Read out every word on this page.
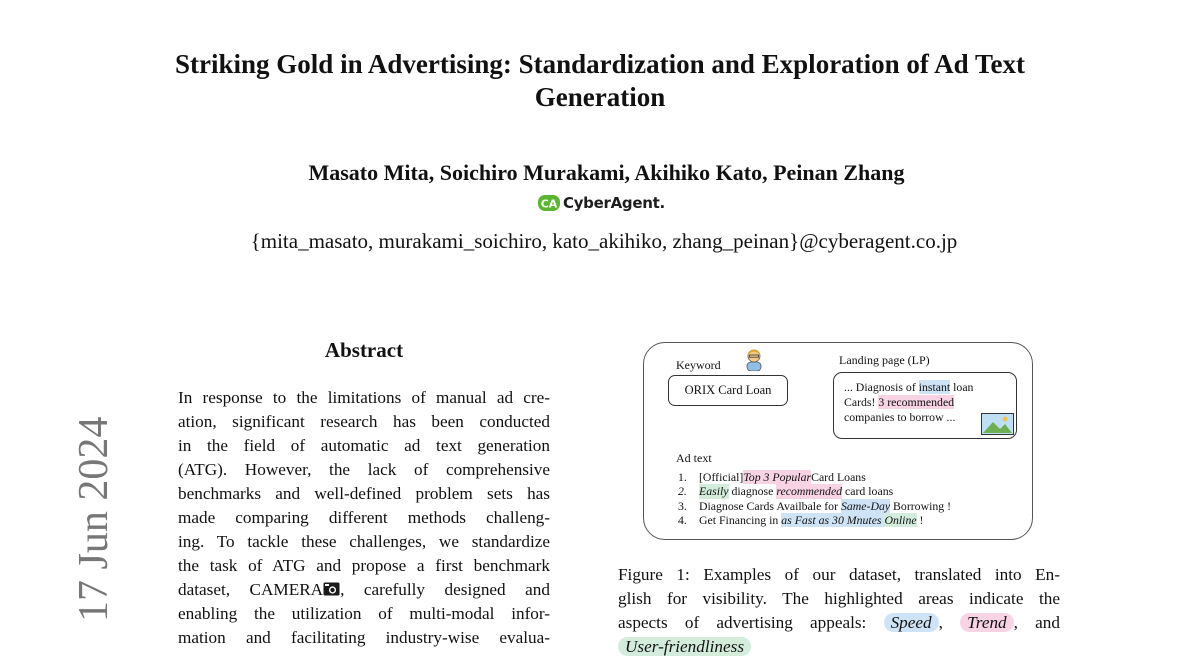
Striking Gold in Advertising: Standardization and Exploration of Ad Text
Generation
Masato Mita, Soichiro Murakami, Akihiko Kato, Peinan Zhang
CA CyberAgent.
{mita_masato, murakami_soichiro, kato_akihiko, zhang_peinan}@cyberagent.co.jp
17 Jun 2024
Abstract
In response to the limitations of manual ad cre-
ation, significant research has been conducted
in the field of automatic ad text generation
(ATG). However, the lack of comprehensive
benchmarks and well-defined problem sets has
made comparing different methods challeng-
ing. To tackle these challenges, we standardize
the task of ATG and propose a first benchmark
dataset, CAMERA , carefully designed and
enabling the utilization of multi-modal infor-
mation and facilitating industry-wise evalua-
Keyword
ORIX Card Loan
Landing page (LP)
... Diagnosis of instant loan
Cards! 3 recommended
companies to borrow ...
Ad text
1.	[Official] Top 3 Popular Card Loans
2.	Easily diagnose recommended card loans
3.	Diagnose Cards Availbale for Same-Day Borrowing !
4.	Get Financing in as Fast as 30 Mnutes
Online !
Figure 1: Examples of our dataset, translated into En-
glish for visibility. The highlighted areas indicate the
aspects of advertising appeals: Speed , Trend , and
User-friendliness
